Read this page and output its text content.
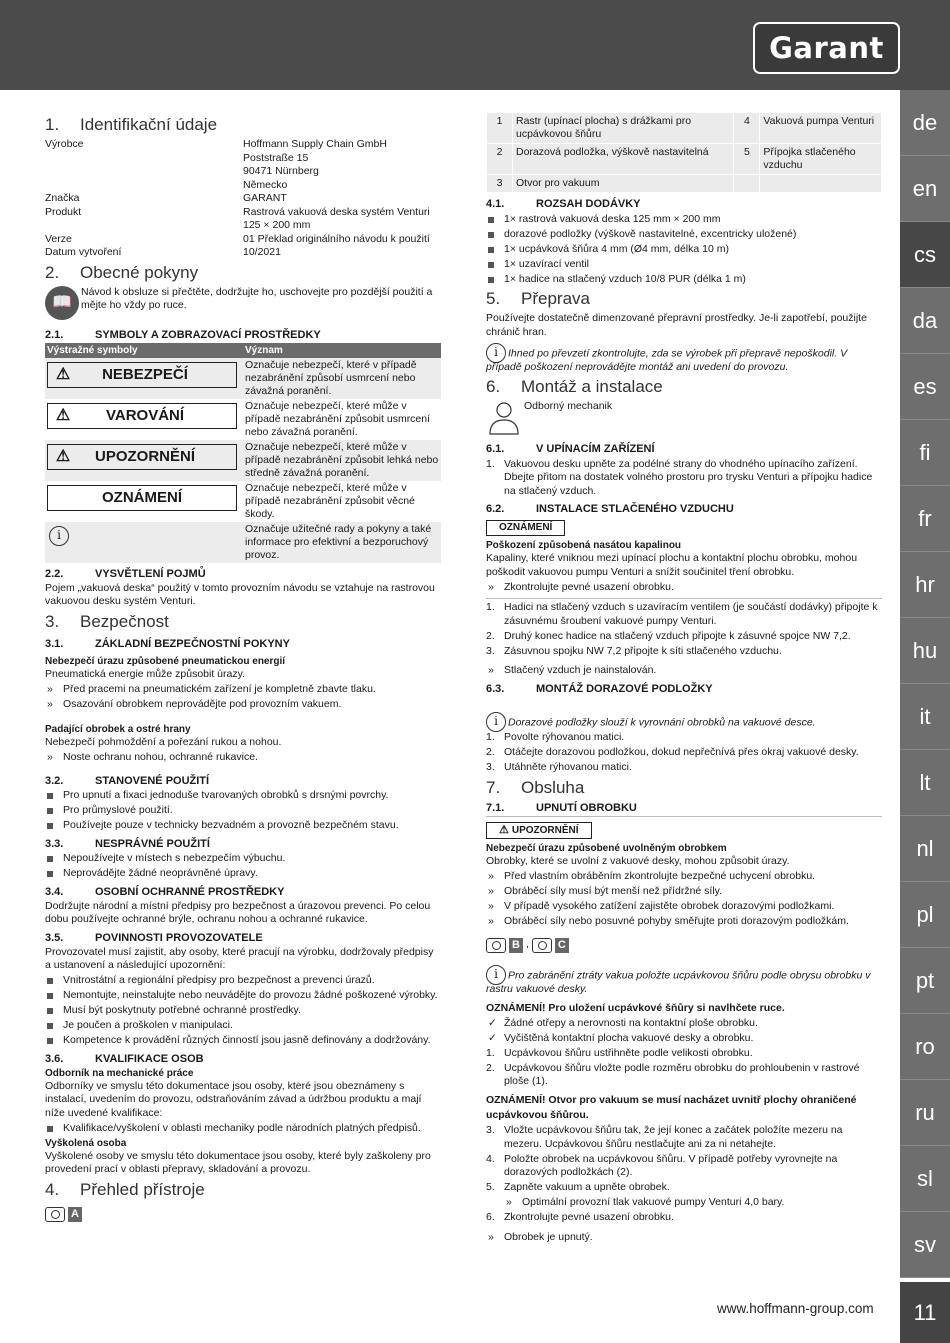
Garant
de
en
cs
da
es
fi
fr
hr
hu
it
lt
nl
pl
pt
ro
ru
sl
sv
11
1. Identifikační údaje
Výrobce	Hoffmann Supply Chain GmbH
Poststraße 15
90471 Nürnberg
Německo
Značka	GARANT
Produkt	Rastrová vakuová deska systém Venturi
125 × 200 mm
Verze	01 Překlad originálního návodu k použití
Datum vytvoření	10/2021
2. Obecné pokyny
📖

Návod k obsluze si přečtěte, dodržujte ho, uschovejte pro pozdější použití a mějte ho vždy po ruce.

2.1.	SYMBOLY A ZOBRAZOVACÍ PROSTŘEDKY
Výstražné symboly	Význam

⚠ NEBEZPEČÍ	Označuje nebezpečí, které v případě nezabránění způsobí usmrcení nebo závažná poranění.

⚠ VAROVÁNÍ	Označuje nebezpečí, které může v případě nezabránění způsobit usmrcení nebo závažná poranění.

⚠ UPOZORNĚNÍ	Označuje nebezpečí, které může v případě nezabránění způsobit lehká nebo středně závažná poranění.

OZNÁMENÍ	Označuje nebezpečí, které může v případě nezabránění způsobit věcné škody.
i	Označuje užitečné rady a pokyny a také informace pro efektivní a bezporuchový provoz.
2.2.	VYSVĚTLENÍ POJMŮ

Pojem „vakuová deska“ použitý v tomto provozním návodu se vztahuje na rastrovou vakuovou desku systém Venturi.

3. Bezpečnost
3.1.	ZÁKLADNÍ BEZPEČNOSTNÍ POKYNY
Nebezpečí úrazu způsobené pneumatickou energií

Pneumatická energie může způsobit úrazy.

» Před pracemi na pneumatickém zařízení je kompletně zbavte tlaku.
» Osazování obrobkem neprovádějte pod provozním vakuem.
Padající obrobek a ostré hrany

Nebezpečí pohmoždění a pořezání rukou a nohou.

» Noste ochranu nohou, ochranné rukavice.
3.2.	STANOVENÉ POUŽITÍ
Pro upnutí a fixaci jednoduše tvarovaných obrobků s drsnými povrchy.
Pro průmyslové použití.
Používejte pouze v technicky bezvadném a provozně bezpečném stavu.
3.3.	NESPRÁVNÉ POUŽITÍ
Nepoužívejte v místech s nebezpečím výbuchu.
Neprovádějte žádné neoprávněné úpravy.
3.4.	OSOBNÍ OCHRANNÉ PROSTŘEDKY

Dodržujte národní a místní předpisy pro bezpečnost a úrazovou prevenci. Po celou dobu používejte ochranné brýle, ochranu nohou a ochranné rukavice.

3.5.	POVINNOSTI PROVOZOVATELE

Provozovatel musí zajistit, aby osoby, které pracují na výrobku, dodržovaly předpisy a ustanovení a následující upozornění:

Vnitrostátní a regionální předpisy pro bezpečnost a prevenci úrazů.
Nemontujte, neinstalujte nebo neuvádějte do provozu žádné poškozené výrobky.
Musí být poskytnuty potřebné ochranné prostředky.
Je poučen a proškolen v manipulaci.
Kompetence k provádění různých činností jsou jasně definovány a dodržovány.
3.6.	KVALIFIKACE OSOB
Odborník na mechanické práce

Odborníky ve smyslu této dokumentace jsou osoby, které jsou obeznámeny s instalací, uvedením do provozu, odstraňováním závad a údržbou produktu a mají níže uvedené kvalifikace:

Kvalifikace/vyškolení v oblasti mechaniky podle národních platných předpisů.
Vyškolená osoba

Vyškolené osoby ve smyslu této dokumentace jsou osoby, které byly zaškoleny pro provedení prací v oblasti přepravy, skladování a provozu.

4. Přehled přístroje
A
1	Rastr (upínací plocha) s drážkami pro ucpávkovou šňůru	4	Vakuová pumpa Venturi
2	Dorazová podložka, výškově nastavitelná	5	Přípojka stlačeného vzduchu
3	Otvor pro vakuum		
4.1.	ROZSAH DODÁVKY
1× rastrová vakuová deska 125 mm × 200 mm
dorazové podložky (výškově nastavitelné, excentricky uložené)
1× ucpávková šňůra 4 mm (Ø4 mm, délka 10 m)
1× uzavírací ventil
1× hadice na stlačený vzduch 10/8 PUR (délka 1 m)
5. Přeprava

Používejte dostatečně dimenzované přepravní prostředky. Je-li zapotřebí, použijte chránič hran.

i Ihned po převzetí zkontrolujte, zda se výrobek při přepravě nepoškodil. V případě poškození neprovádějte montáž ani uvedení do provozu.
6. Montáž a instalace
Odborný mechanik
6.1.	V UPÍNACÍM ZAŘÍZENÍ
1. Vakuovou desku upněte za podélné strany do vhodného upínacího zařízení. Dbejte přitom na dostatek volného prostoru pro trysku Venturi a přípojku hadice na stlačený vzduch.
6.2.	INSTALACE STLAČENÉHO VZDUCHU
OZNÁMENÍ
Poškození způsobená nasátou kapalinou

Kapaliny, které vniknou mezi upínací plochu a kontaktní plochu obrobku, mohou poškodit vakuovou pumpu Venturi a snížit součinitel tření obrobku.

» Zkontrolujte pevné usazení obrobku.
1. Hadici na stlačený vzduch s uzavíracím ventilem (je součástí dodávky) připojte k zásuvnému šroubení vakuové pumpy Venturi.
2. Druhý konec hadice na stlačený vzduch připojte k zásuvné spojce NW 7,2.
3. Zásuvnou spojku NW 7,2 připojte k síti stlačeného vzduchu.
» Stlačený vzduch je nainstalován.
6.3.	MONTÁŽ DORAZOVÉ PODLOŽKY
i Dorazové podložky slouží k vyrovnání obrobků na vakuové desce.
1. Povolte rýhovanou matici.
2. Otáčejte dorazovou podložkou, dokud nepřečnívá přes okraj vakuové desky.
3. Utáhněte rýhovanou matici.
7. Obsluha
7.1.	UPNUTÍ OBROBKU
⚠ UPOZORNĚNÍ
Nebezpečí úrazu způsobené uvolněným obrobkem

Obrobky, které se uvolní z vakuové desky, mohou způsobit úrazy.

» Před vlastním obráběním zkontrolujte bezpečné uchycení obrobku.
» Obráběcí síly musí být menší než přídržné síly.
» V případě vysokého zatížení zajistěte obrobek dorazovými podložkami.
» Obráběcí síly nebo posuvné pohyby směřujte proti dorazovým podložkám.
B ,	C
i Pro zabránění ztráty vakua položte ucpávkovou šňůru podle obrysu obrobku v rastru vakuové desky.
OZNÁMENÍ! Pro uložení ucpávkové šňůry si navlhčete ruce.
✓ Žádné otřepy a nerovnosti na kontaktní ploše obrobku.
✓ Vyčištěná kontaktní plocha vakuové desky a obrobku.
1. Ucpávkovou šňůru ustřihněte podle velikosti obrobku.
2. Ucpávkovou šňůru vložte podle rozměru obrobku do prohloubenin v rastrové ploše (1).
OZNÁMENÍ! Otvor pro vakuum se musí nacházet uvnitř plochy ohraničené ucpávkovou šňůrou.
3. Vložte ucpávkovou šňůru tak, že její konec a začátek položíte mezeru na mezeru. Ucpávkovou šňůru nestlačujte ani za ni netahejte.
4. Položte obrobek na ucpávkovou šňůru. V případě potřeby vyrovnejte na dorazových podložkách (2).
5. Zapněte vakuum a upněte obrobek.
» Optimální provozní tlak vakuové pumpy Venturi 4,0 bary.
6. Zkontrolujte pevné usazení obrobku.
» Obrobek je upnutý.
www.hoffmann-group.com
